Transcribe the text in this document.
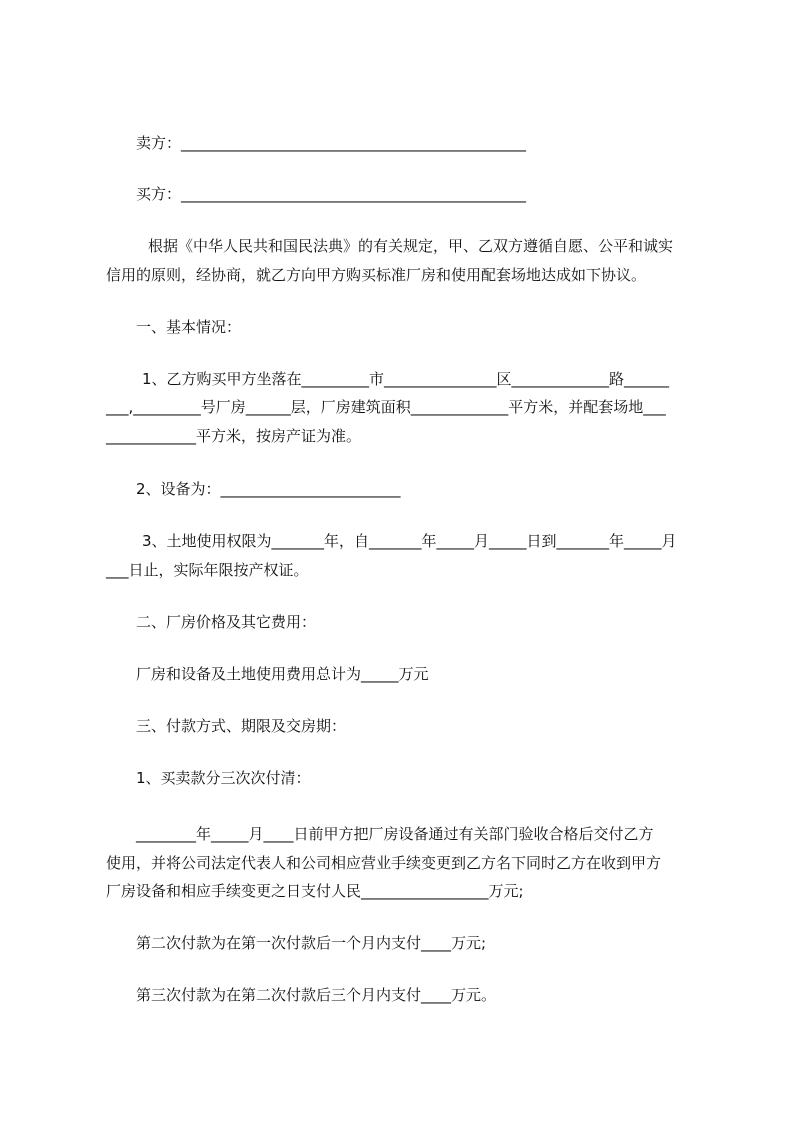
卖方：______________________________________________
买方：______________________________________________
根据《中华人民共和国民法典》的有关规定，甲、乙双方遵循自愿、公平和诚实
信用的原则，经协商，就乙方向甲方购买标准厂房和使用配套场地达成如下协议。
一、基本情况：
1、乙方购买甲方坐落在_________市_______________区_____________路______
___,_________号厂房______层，厂房建筑面积_____________平方米，并配套场地___
____________平方米，按房产证为准。
2、设备为：________________________
3、土地使用权限为_______年，自_______年_____月_____日到_______年_____月
___日止，实际年限按产权证。
二、厂房价格及其它费用：
厂房和设备及土地使用费用总计为_____万元
三、付款方式、期限及交房期：
1、买卖款分三次次付清：
________年_____月____日前甲方把厂房设备通过有关部门验收合格后交付乙方
使用，并将公司法定代表人和公司相应营业手续变更到乙方名下同时乙方在收到甲方
厂房设备和相应手续变更之日支付人民_________________万元;
第二次付款为在第一次付款后一个月内支付____万元;
第三次付款为在第二次付款后三个月内支付____万元。
